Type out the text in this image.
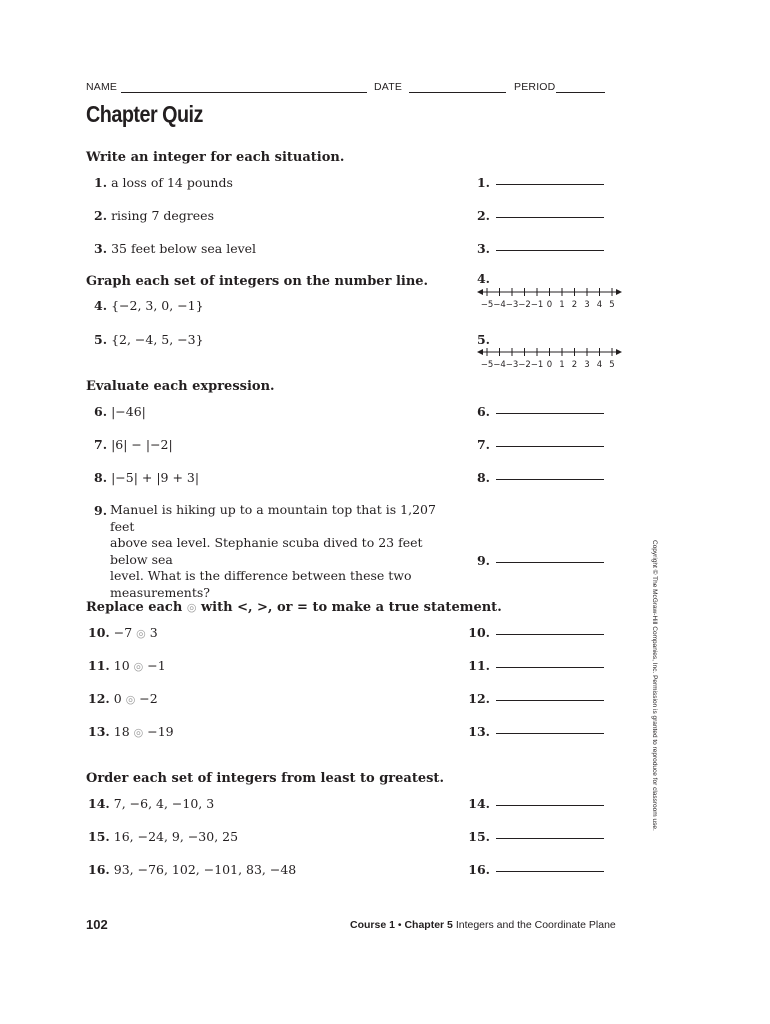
NAME	DATE	PERIOD
Chapter Quiz
Write an integer for each situation.
1. a loss of 14 pounds
2. rising 7 degrees
3. 35 feet below sea level
Graph each set of integers on the number line.
4. {−2, 3, 0, −1}
5. {2, −4, 5, −3}
Evaluate each expression.
6. |−46|
7. |6| − |−2|
8. |−5| + |9 + 3|
9. Manuel is hiking up to a mountain top that is 1,207 feet
above sea level. Stephanie scuba dived to 23 feet below sea
level. What is the difference between these two
measurements?
Replace each ◎ with <, >, or = to make a true statement.
10. −7 ◎ 3
11. 10 ◎ −1
12. 0 ◎ −2
13. 18 ◎ −19
Order each set of integers from least to greatest.
14. 7, −6, 4, −10, 3
15. 16, −24, 9, −30, 25
16. 93, −76, 102, −101, 83, −48
1.
2.
3.
4.
−5 −4 −3 −2 −1 0 1 2 3 4 5
5.
−5 −4 −3 −2 −1 0 1 2 3 4 5
6.
7.
8.
9.
10.
11.
12.
13.
14.
15.
16.
Copyright © The McGraw-Hill Companies, Inc. Permission is granted to reproduce for classroom use.
102	Course 1 • Chapter 5 Integers and the Coordinate Plane
